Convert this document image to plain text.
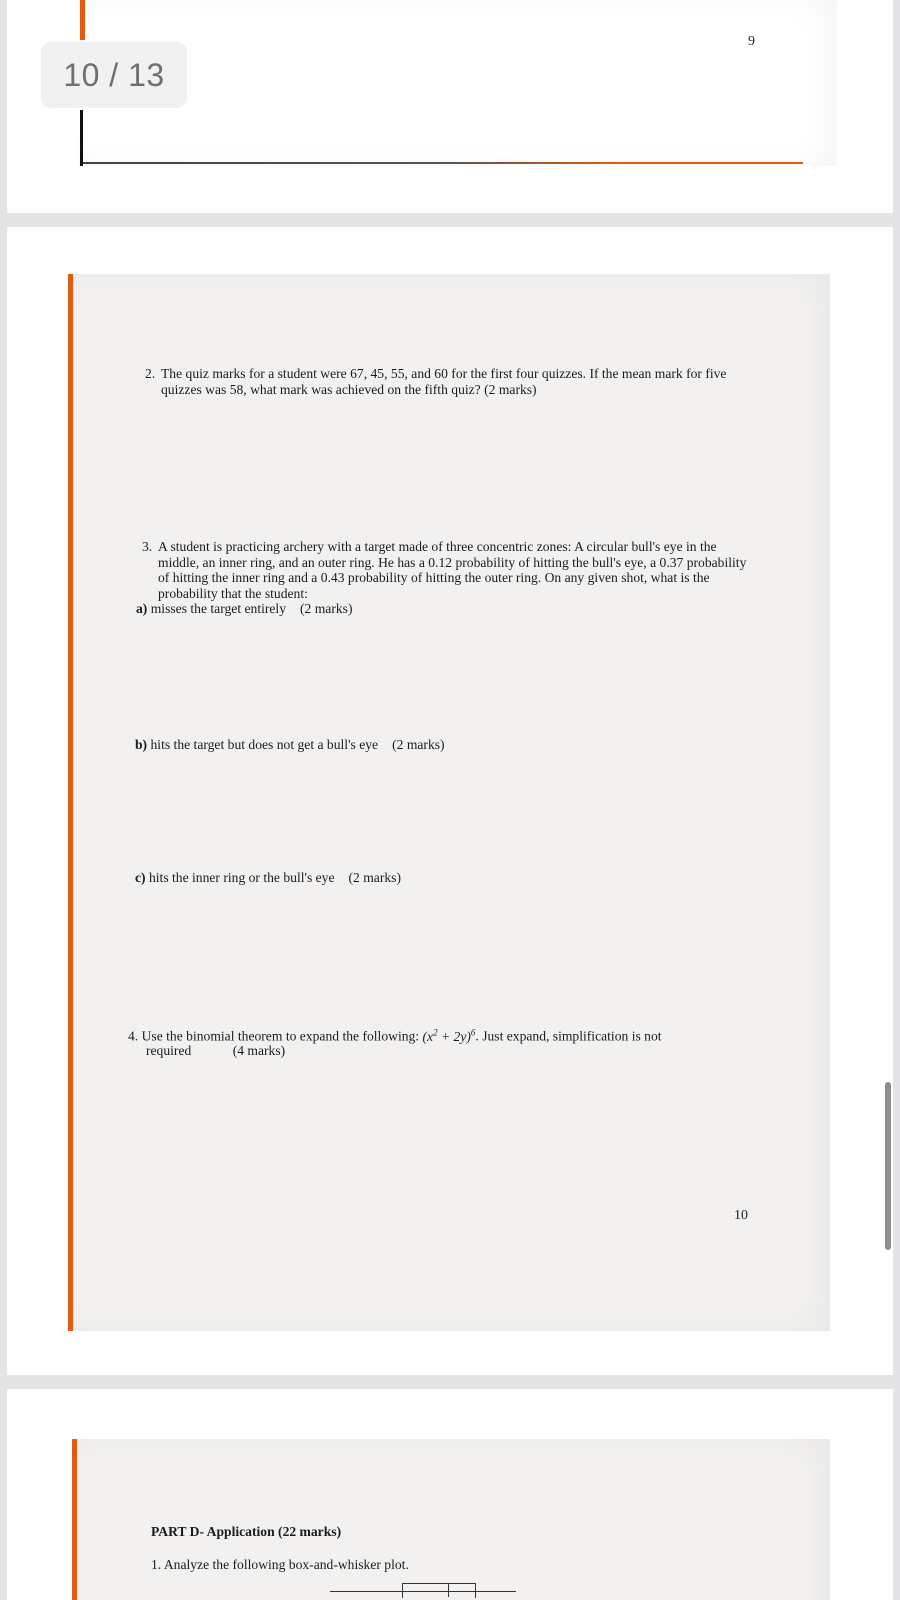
9
10 / 13
2. The quiz marks for a student were 67, 45, 55, and 60 for the first four quizzes. If the mean mark for five quizzes was 58, what mark was achieved on the fifth quiz? (2 marks)
3. A student is practicing archery with a target made of three concentric zones: A circular bull's eye in the middle, an inner ring, and an outer ring. He has a 0.12 probability of hitting the bull's eye, a 0.37 probability of hitting the inner ring and a 0.43 probability of hitting the outer ring. On any given shot, what is the probability that the student:
a) misses the target entirely (2 marks)
b) hits the target but does not get a bull's eye (2 marks)
c) hits the inner ring or the bull's eye (2 marks)
4. Use the binomial theorem to expand the following: $(x^2 + 2y)^6$. Just expand, simplification is not
required	(4 marks)
10
PART D- Application (22 marks)
1. Analyze the following box-and-whisker plot.
